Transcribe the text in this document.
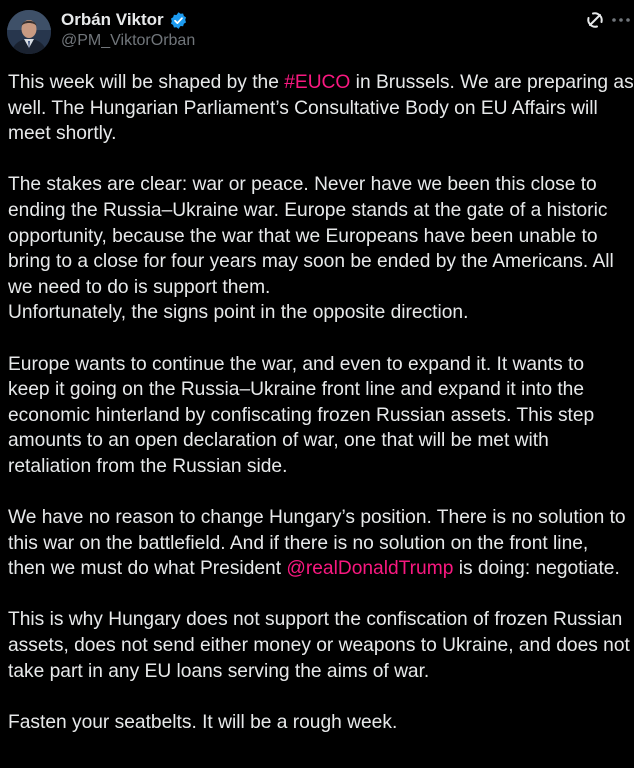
Orbán Viktor
@PM_ViktorOrban
This week will be shaped by the #EUCO in Brussels. We are preparing as
well. The Hungarian Parliament’s Consultative Body on EU Affairs will
meet shortly.
The stakes are clear: war or peace. Never have we been this close to
ending the Russia–Ukraine war. Europe stands at the gate of a historic
opportunity, because the war that we Europeans have been unable to
bring to a close for four years may soon be ended by the Americans. All
we need to do is support them.
Unfortunately, the signs point in the opposite direction.
Europe wants to continue the war, and even to expand it. It wants to
keep it going on the Russia–Ukraine front line and expand it into the
economic hinterland by confiscating frozen Russian assets. This step
amounts to an open declaration of war, one that will be met with
retaliation from the Russian side.
We have no reason to change Hungary’s position. There is no solution to
this war on the battlefield. And if there is no solution on the front line,
then we must do what President @realDonaldTrump is doing: negotiate.
This is why Hungary does not support the confiscation of frozen Russian
assets, does not send either money or weapons to Ukraine, and does not
take part in any EU loans serving the aims of war.
Fasten your seatbelts. It will be a rough week.
